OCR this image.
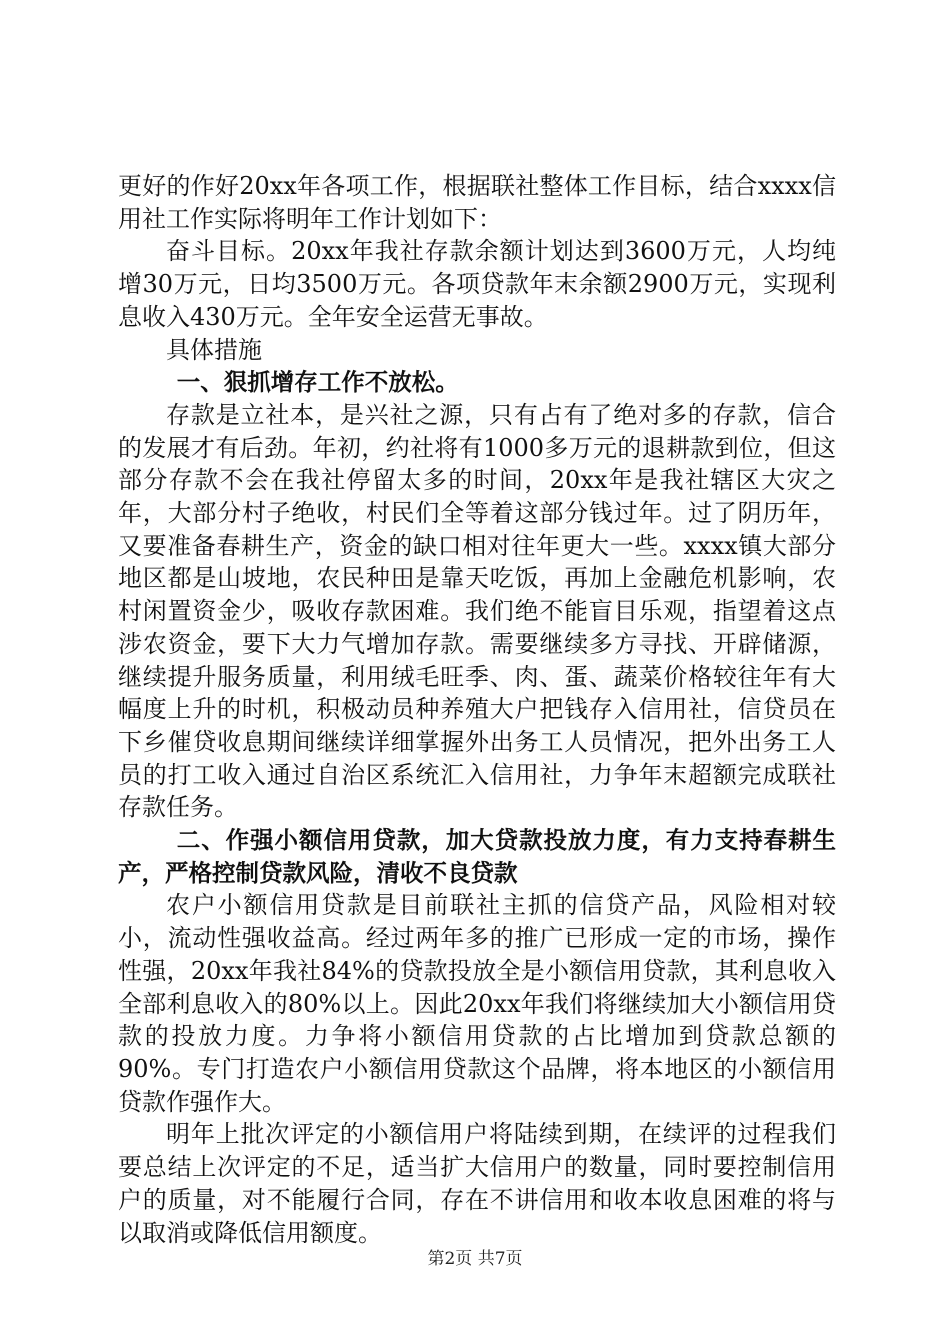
更好的作好20xx年各项工作，根据联社整体工作目标，结合xxxx信用社工作实际将明年工作计划如下：

奋斗目标。20xx年我社存款余额计划达到3600万元，人均纯增30万元，日均3500万元。各项贷款年末余额2900万元，实现利息收入430万元。全年安全运营无事故。

具体措施

一、狠抓增存工作不放松。

存款是立社本，是兴社之源，只有占有了绝对多的存款，信合的发展才有后劲。年初，约社将有1000多万元的退耕款到位，但这部分存款不会在我社停留太多的时间，20xx年是我社辖区大灾之年，大部分村子绝收，村民们全等着这部分钱过年。过了阴历年，又要准备春耕生产，资金的缺口相对往年更大一些。xxxx镇大部分地区都是山坡地，农民种田是靠天吃饭，再加上金融危机影响，农村闲置资金少，吸收存款困难。我们绝不能盲目乐观，指望着这点涉农资金，要下大力气增加存款。需要继续多方寻找、开辟储源，继续提升服务质量，利用绒毛旺季、肉、蛋、蔬菜价格较往年有大幅度上升的时机，积极动员种养殖大户把钱存入信用社，信贷员在下乡催贷收息期间继续详细掌握外出务工人员情况，把外出务工人员的打工收入通过自治区系统汇入信用社，力争年末超额完成联社存款任务。

二、作强小额信用贷款，加大贷款投放力度，有力支持春耕生产，严格控制贷款风险，清收不良贷款

农户小额信用贷款是目前联社主抓的信贷产品，风险相对较小，流动性强收益高。经过两年多的推广已形成一定的市场，操作性强，20xx年我社84%的贷款投放全是小额信用贷款，其利息收入全部利息收入的80%以上。因此20xx年我们将继续加大小额信用贷款的投放力度。力争将小额信用贷款的占比增加到贷款总额的90%。专门打造农户小额信用贷款这个品牌，将本地区的小额信用贷款作强作大。

明年上批次评定的小额信用户将陆续到期，在续评的过程我们要总结上次评定的不足，适当扩大信用户的数量，同时要控制信用户的质量，对不能履行合同，存在不讲信用和收本收息困难的将与以取消或降低信用额度。

第2页 共7页
